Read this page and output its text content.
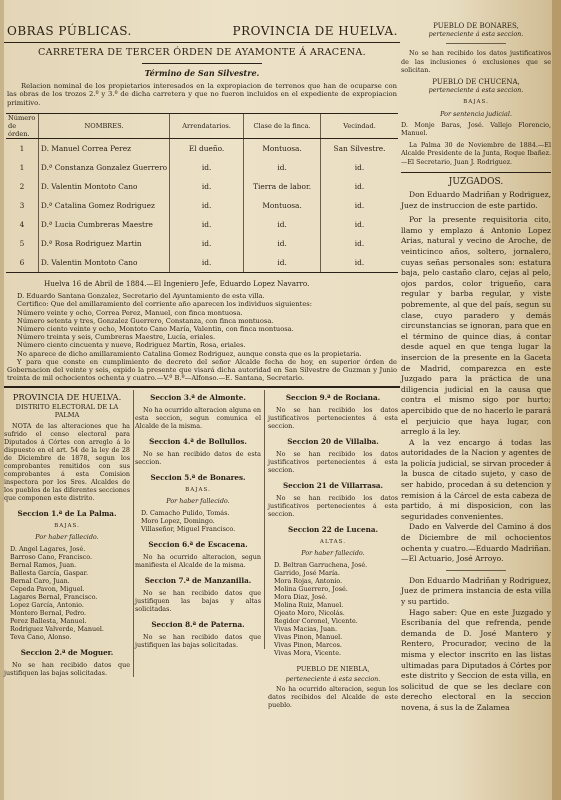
OBRAS PÚBLICAS.	PROVINCIA DE HUELVA.
CARRETERA DE TERCER ÓRDEN DE AYAMONTE Á ARACENA.
Término de San Silvestre.
Relacion nominal de los propietarios interesados en la expropiacion de terrenos que han de ocuparse con las obras de los trozos 2.º y 3.º de dicha carretera y que no fueron incluidos en el expediente de expropiacion primitivo.
Número de órden.	NOMBRES.	Arrendatarios.	Clase de la finca.	Vecindad.
1	D. Manuel Correa Perez	El dueño.	Montuosa.	San Silvestre.
1	D.ª Constanza Gonzalez Guerrero	id.	id.	id.
2	D. Valentin Montoto Cano	id.	Tierra de labor.	id.
3	D.ª Catalina Gomez Rodriguez	id.	Montuosa.	id.
4	D.ª Lucia Cumbreras Maestre	id.	id.	id.
5	D.ª Rosa Rodriguez Martin	id.	id.	id.
6	D. Valentin Montoto Cano	id.	id.	id.
Huelva 16 de Abril de 1884.—El Ingeniero Jefe, Eduardo Lopez Navarro.

D. Eduardo Santana Gonzalez, Secretario del Ayuntamiento de esta villa.

Certifico: Que del amillaramiento del corriente año aparecen los individuos siguientes:

Número veinte y ocho, Correa Perez, Manuel, con finca montuosa.

Número setenta y tres, Gonzalez Guerrero, Constanza, con finca montuosa.

Número ciento veinte y ocho, Montoto Cano María, Valentin, con finca montuosa.

Número treinta y seis, Cumbreras Maestre, Lucía, eriales.

Número ciento cincuenta y nueve, Rodriguez Martin, Rosa, eriales.

No aparece de dicho amillaramiento Catalina Gomez Rodriguez, aunque consta que es la propietaria.

Y para que conste en cumplimiento de decreto del señor Alcalde fecha de hoy, en superior órden de Gobernacion del veinte y seis, expido la presente que visará dicha autoridad en San Silvestre de Guzman y Junio treinta de mil ochocientos ochenta y cuatro.—V.º B.º—Alfonso.—E. Santana, Secretario.

PROVINCIA DE HUELVA.
DISTRITO ELECTORAL DE LA PALMA
NOTA de las alteraciones que ha sufrido el censo electoral para Diputados á Córtes con arreglo á lo dispuesto en el art. 54 de la ley de 28 de Diciembre de 1878, segun los comprobantes remitidos con sus comprobantes á esta Comision inspectora por los Sres. Alcaldes de los pueblos de las diferentes secciones que componen este distrito.
Seccion 1.ª de La Palma.
BAJAS.
Por haber fallecido.
D. Angel Lagares, José.
Barroso Cano, Francisco.
Bernal Ramos, Juan.
Ballesta García, Gaspar.
Bernal Caro, Juan.
Cepeda Pavon, Miguel.
Lagares Bernal, Francisco.
Lopez García, Antonio.
Montero Bernal, Pedro.
Perez Ballesta, Manuel.
Rodriguez Valverde, Manuel.
Teva Cano, Alonso.
Seccion 2.ª de Moguer.
No se han recibido datos que justifiquen las bajas solicitadas.
Seccion 3.ª de Almonte.
No ha ocurrido alteracion alguna en esta seccion, segun comunica el Alcalde de la misma.
Seccion 4.ª de Bollullos.
No se han recibido datos de esta seccion.
Seccion 5.ª de Bonares.
BAJAS.
Por haber fallecido.
D. Camacho Pulido, Tomás.
Moro Lopez, Domingo.
Villaseñor, Miguel Francisco.
Seccion 6.ª de Escacena.
No ha ocurrido alteracion, segun manifiesta el Alcalde de la misma.
Seccion 7.ª de Manzanilla.
No se han recibido datos que justifiquen las bajas y altas solicitadas.
Seccion 8.ª de Paterna.
No se han recibido datos que justifiquen las bajas solicitadas.
Seccion 9.ª de Rociana.
No se han recibido los datos justificativos pertenecientes á esta seccion.
Seccion 20 de Villalba.
No se han recibido los datos justificativos pertenecientes á esta seccion.
Seccion 21 de Villarrasa.
No se han recibido los datos justificativos pertenecientes á esta seccion.
Seccion 22 de Lucena.
ALTAS.
Por haber fallecido.
D. Beltran Garruchena, José.
Garrido, José María.
Mora Rojas, Antonio.
Molina Guerrero, José.
Mora Diaz, José.
Molina Ruiz, Manuel.
Ojeato Moro, Nicolás.
Regidor Coronel, Vicente.
Vivas Macias, Juan.
Vivas Pinon, Manuel.
Vivas Pinon, Marcos.
Vivas Mora, Vicente.
PUEBLO DE NIEBLA,
perteneciente á esta seccion.
No ha ocurrido alteracion, segun los datos recibidos del Alcalde de este pueblo.
PUEBLO DE BONARES,
perteneciente á esta seccion.

No se han recibido los datos justificativos de las inclusiones ó exclusiones que se solicitan.

PUEBLO DE CHUCENA,
perteneciente á esta seccion.
BAJAS.
Por sentencia judicial.

D. Monje Baras, José. Vallejo Florencio, Manuel.

La Palma 30 de Noviembre de 1884.—El Alcalde Presidente de la Junta, Roque Ibañez.—El Secretario, Juan J. Rodriguez.

JUZGADOS.

Don Eduardo Madriñan y Rodriguez, Juez de instruccion de este partido.

Por la presente requisitoria cito, llamo y emplazo á Antonio Lopez Arias, natural y vecino de Aroche, de veinticinco años, soltero, jornalero, cuyas señas personales son: estatura baja, pelo castaño claro, cejas al pelo, ojos pardos, color trigueño, cara regular y barba regular, y viste pobremente, al que del país, segun su clase, cuyo paradero y demás circunstancias se ignoran, para que en el término de quince dias, á contar desde aquel en que tenga lugar la insercion de la presente en la Gaceta de Madrid, comparezca en este Juzgado para la práctica de una diligencia judicial en la causa que contra el mismo sigo por hurto; apercibido que de no hacerlo le parará el perjuicio que haya lugar, con arreglo á la ley.

A la vez encargo á todas las autoridades de la Nacion y agentes de la policía judicial, se sirvan proceder á la busca de citado sujeto, y caso de ser habido, procedan á su detencion y remision á la Cárcel de esta cabeza de partido, á mi disposicion, con las seguridades convenientes.

Dado en Valverde del Camino á dos de Diciembre de mil ochocientos ochenta y cuatro.—Eduardo Madriñan.—El Actuario, José Arroyo.

Don Eduardo Madriñan y Rodriguez, Juez de primera instancia de esta villa y su partido.

Hago saber: Que en este Juzgado y Escribanía del que refrenda, pende demanda de D. José Mantero y Rentero, Procurador, vecino de la misma y elector inscrito en las listas ultimadas para Diputados á Córtes por este distrito y Seccion de esta villa, en solicitud de que se les declare con derecho electoral en la seccion novena, á sus la de Zalamea
